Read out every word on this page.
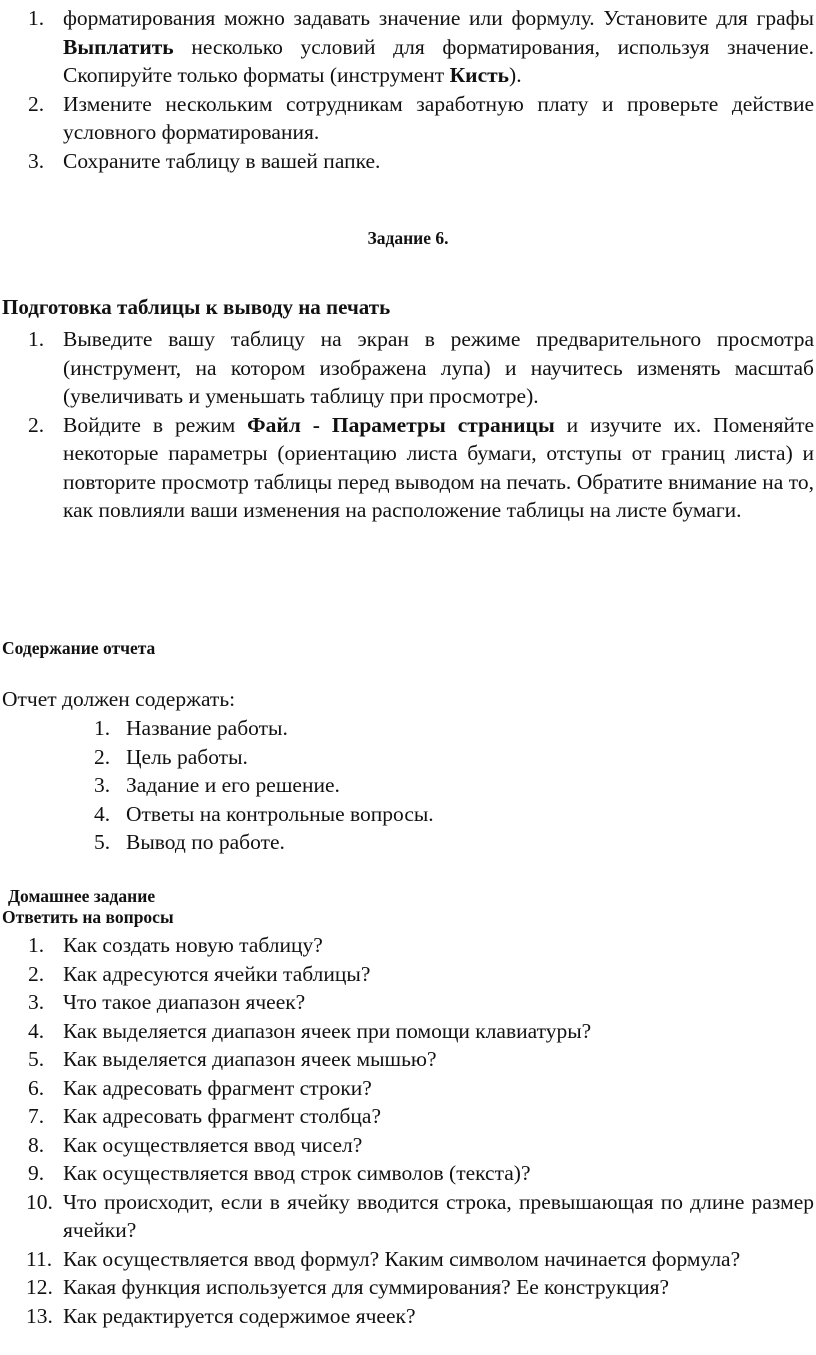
1. форматирования можно задавать значение или формулу. Установите для графы Выплатить несколько условий для форматирования, используя значение. Скопируйте только форматы (инструмент Кисть).
2. Измените нескольким сотрудникам заработную плату и проверьте действие условного форматирования.
3. Сохраните таблицу в вашей папке.
Задание 6.
Подготовка таблицы к выводу на печать
1. Выведите вашу таблицу на экран в режиме предварительного просмотра (инструмент, на котором изображена лупа) и научитесь изменять масштаб (увеличивать и уменьшать таблицу при просмотре).
2. Войдите в режим Файл - Параметры страницы и изучите их. Поменяйте некоторые параметры (ориентацию листа бумаги, отступы от границ листа) и повторите просмотр таблицы перед выводом на печать. Обратите внимание на то, как повлияли ваши изменения на расположение таблицы на листе бумаги.
Содержание отчета
Отчет должен содержать:
1. Название работы.
2. Цель работы.
3. Задание и его решение.
4. Ответы на контрольные вопросы.
5. Вывод по работе.
Домашнее задание
Ответить на вопросы
1. Как создать новую таблицу?
2. Как адресуются ячейки таблицы?
3. Что такое диапазон ячеек?
4. Как выделяется диапазон ячеек при помощи клавиатуры?
5. Как выделяется диапазон ячеек мышью?
6. Как адресовать фрагмент строки?
7. Как адресовать фрагмент столбца?
8. Как осуществляется ввод чисел?
9. Как осуществляется ввод строк символов (текста)?
10. Что происходит, если в ячейку вводится строка, превышающая по длине размер ячейки?
11. Как осуществляется ввод формул? Каким символом начинается формула?
12. Какая функция используется для суммирования? Ее конструкция?
13. Как редактируется содержимое ячеек?
